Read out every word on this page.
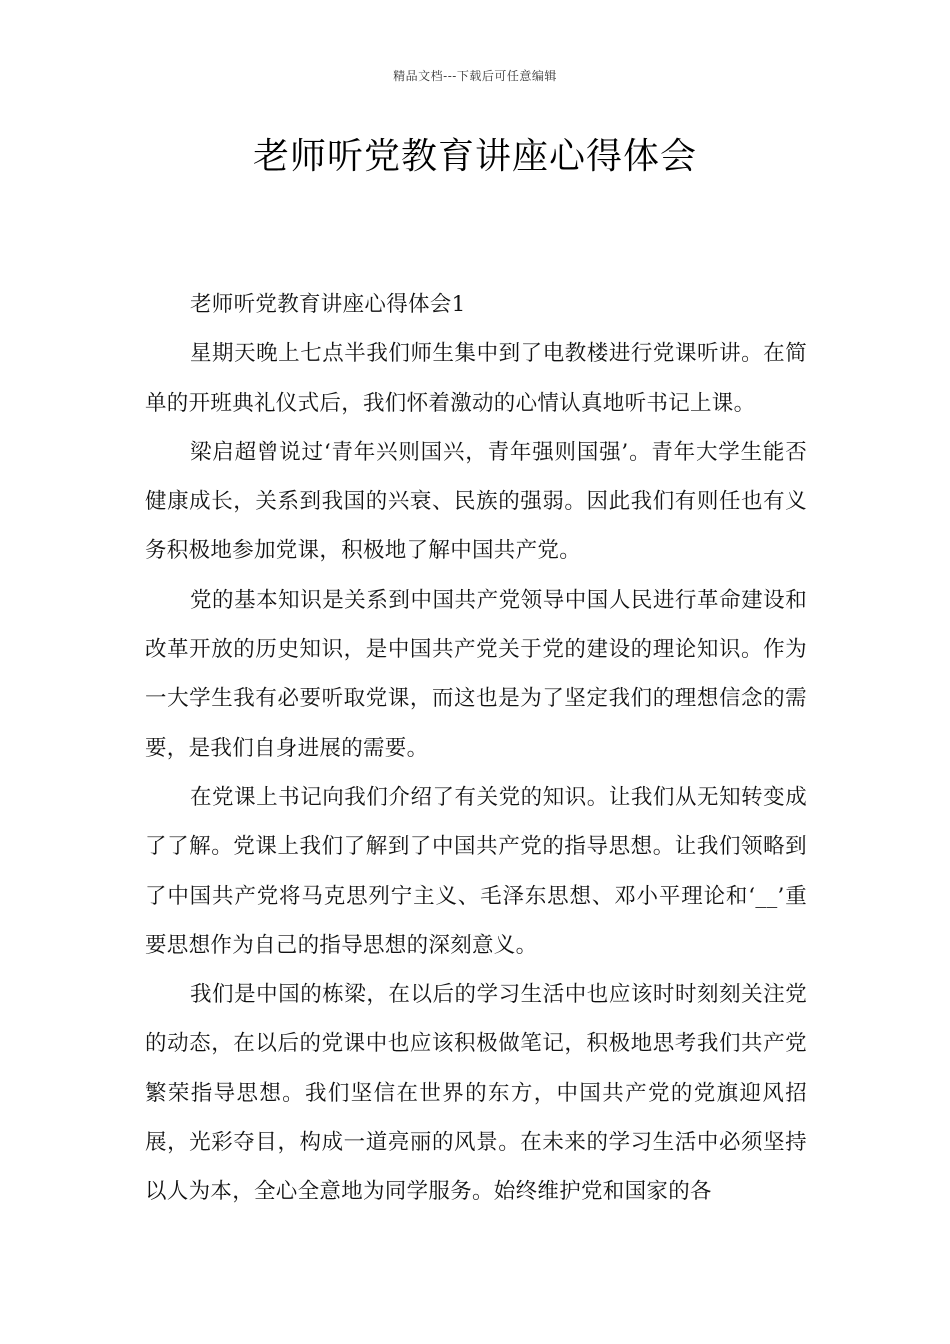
精品文档---下载后可任意编辑
老师听党教育讲座心得体会

老师听党教育讲座心得体会1

星期天晚上七点半我们师生集中到了电教楼进行党课听讲。在简单的开班典礼仪式后，我们怀着激动的心情认真地听书记上课。

梁启超曾说过‘青年兴则国兴，青年强则国强’。青年大学生能否健康成长，关系到我国的兴衰、民族的强弱。因此我们有则任也有义务积极地参加党课，积极地了解中国共产党。

党的基本知识是关系到中国共产党领导中国人民进行革命建设和改革开放的历史知识，是中国共产党关于党的建设的理论知识。作为一大学生我有必要听取党课，而这也是为了坚定我们的理想信念的需要，是我们自身进展的需要。

在党课上书记向我们介绍了有关党的知识。让我们从无知转变成了了解。党课上我们了解到了中国共产党的指导思想。让我们领略到了中国共产党将马克思列宁主义、毛泽东思想、邓小平理论和‘__’重要思想作为自己的指导思想的深刻意义。

我们是中国的栋梁，在以后的学习生活中也应该时时刻刻关注党的动态，在以后的党课中也应该积极做笔记，积极地思考我们共产党繁荣指导思想。我们坚信在世界的东方，中国共产党的党旗迎风招展，光彩夺目，构成一道亮丽的风景。在未来的学习生活中必须坚持以人为本，全心全意地为同学服务。始终维护党和国家的各
